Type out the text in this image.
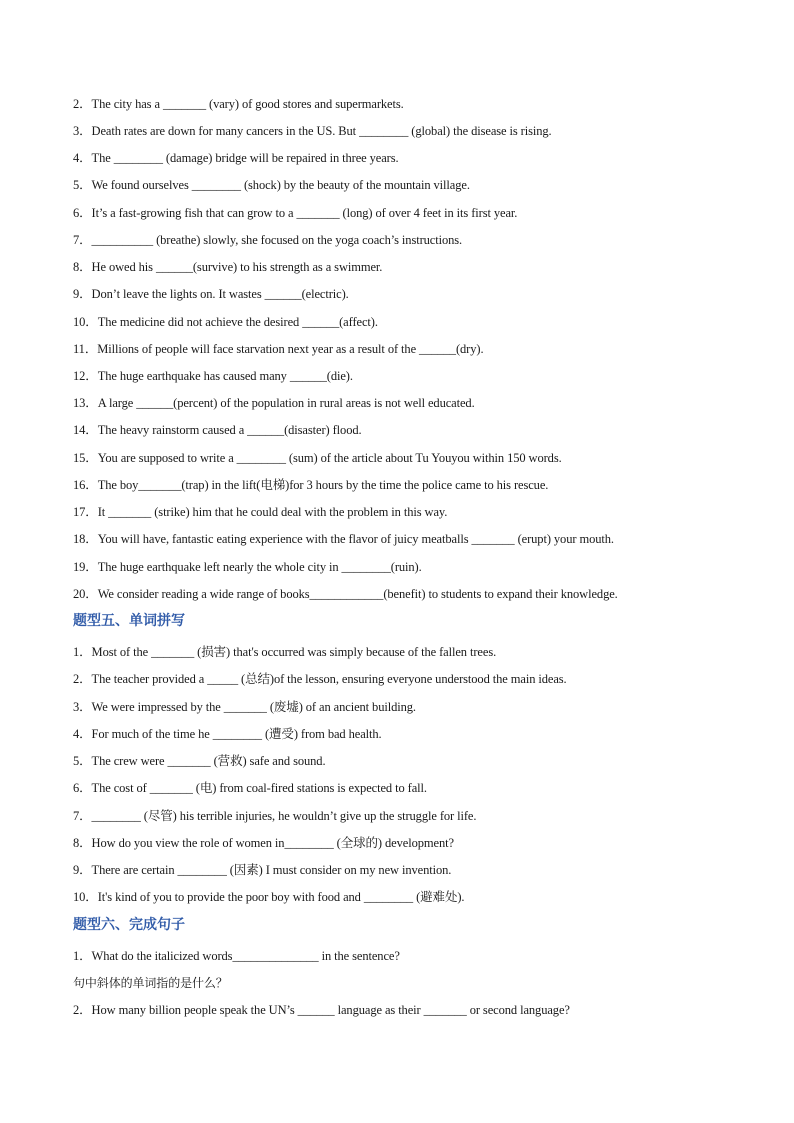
2．The city has a _______ (vary) of good stores and supermarkets.
3．Death rates are down for many cancers in the US. But ________ (global) the disease is rising.
4．The ________ (damage) bridge will be repaired in three years.
5．We found ourselves ________ (shock) by the beauty of the mountain village.
6．It’s a fast-growing fish that can grow to a _______ (long) of over 4 feet in its first year.
7．__________ (breathe) slowly, she focused on the yoga coach’s instructions.
8．He owed his ______(survive) to his strength as a swimmer.
9．Don’t leave the lights on. It wastes ______(electric).
10．The medicine did not achieve the desired ______(affect).
11．Millions of people will face starvation next year as a result of the ______(dry).
12．The huge earthquake has caused many ______(die).
13．A large ______(percent) of the population in rural areas is not well educated.
14．The heavy rainstorm caused a ______(disaster) flood.
15．You are supposed to write a ________ (sum) of the article about Tu Youyou within 150 words.
16．The boy_______(trap) in the lift(电梯)for 3 hours by the time the police came to his rescue.
17．It _______ (strike) him that he could deal with the problem in this way.
18．You will have, fantastic eating experience with the flavor of juicy meatballs _______ (erupt) your mouth.
19．The huge earthquake left nearly the whole city in ________(ruin).
20．We consider reading a wide range of books____________(benefit) to students to expand their knowledge.
题型五、单词拼写
1．Most of the _______ (损害) that's occurred was simply because of the fallen trees.
2．The teacher provided a _____ (总结)of the lesson, ensuring everyone understood the main ideas.
3．We were impressed by the _______ (废墟) of an ancient building.
4．For much of the time he ________ (遭受) from bad health.
5．The crew were _______ (营救) safe and sound.
6．The cost of _______ (电) from coal-fired stations is expected to fall.
7．________ (尽管) his terrible injuries, he wouldn’t give up the struggle for life.
8．How do you view the role of women in________ (全球的) development?
9．There are certain ________ (因素) I must consider on my new invention.
10．It's kind of you to provide the poor boy with food and ________ (避难处).
题型六、完成句子
1．What do the italicized words______________ in the sentence?
句中斜体的单词指的是什么？
2．How many billion people speak the UN’s ______ language as their _______ or second language?
